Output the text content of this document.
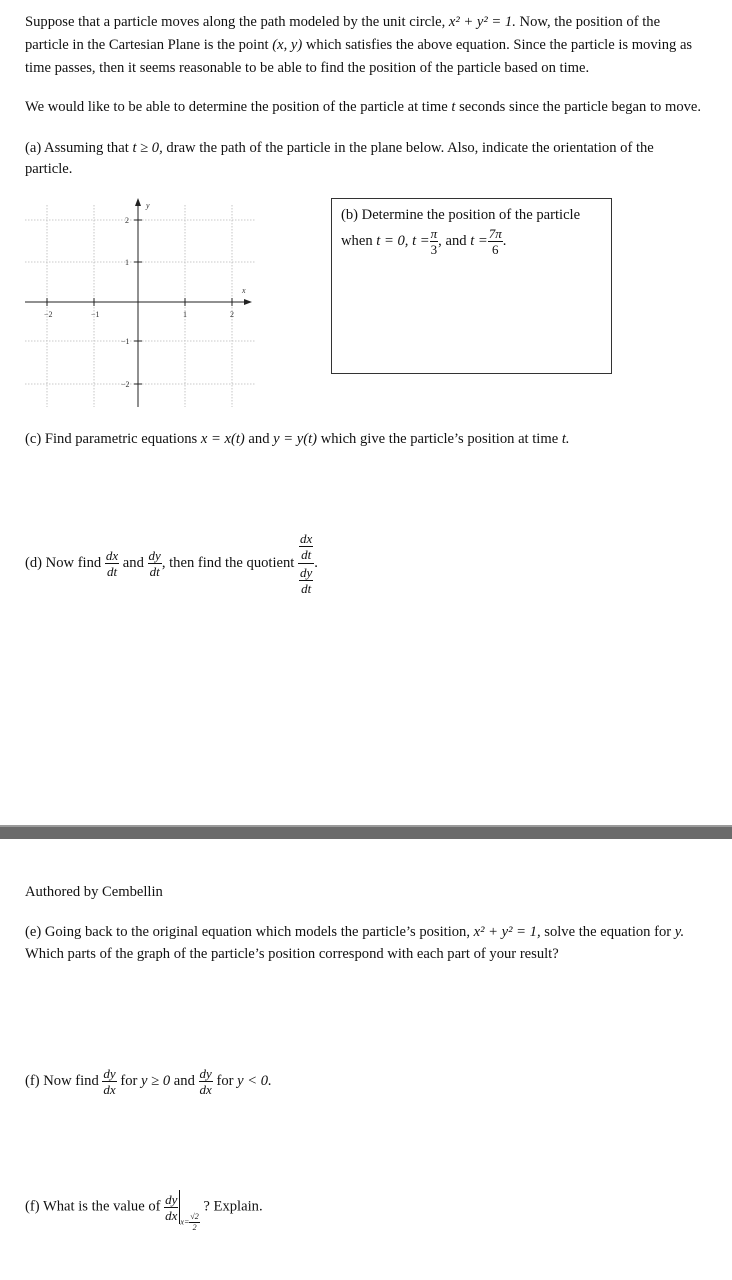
Suppose that a particle moves along the path modeled by the unit circle, x² + y² = 1. Now, the position of the
particle in the Cartesian Plane is the point (x, y) which satisfies the above equation. Since the particle is moving as
time passes, then it seems reasonable to be able to find the position of the particle based on time.
We would like to be able to determine the position of the particle at time t seconds since the particle began to move.
(a) Assuming that t ≥ 0, draw the path of the particle in the plane below. Also, indicate the orientation of the
particle.
y
x
−2	−1	1	2
2
1
−1
−2
(b) Determine the position of the particle
when t = 0, $t = \frac{\pi}{3}$ , and $t = \frac{7\pi}{6}$ .
(c) Find parametric equations x = x(t) and y = y(t) which give the particle’s position at time t.
(d) Now find $\frac{dx}{dt}$ and $\frac{dy}{dt}$ , then find the quotient $\frac{\frac{dx}{dt}}{\frac{dy}{dt}}$ .
Authored by Cembellin
(e) Going back to the original equation which models the particle’s position, x² + y² = 1, solve the equation for y.
Which parts of the graph of the particle’s position correspond with each part of your result?
(f) Now find $\frac{dy}{dx}$ for y ≥ 0 and $\frac{dy}{dx}$ for y < 0.
(f) What is the value of $\frac{dy}{dx}$
$x= \frac{√2}{2}$
? Explain.
